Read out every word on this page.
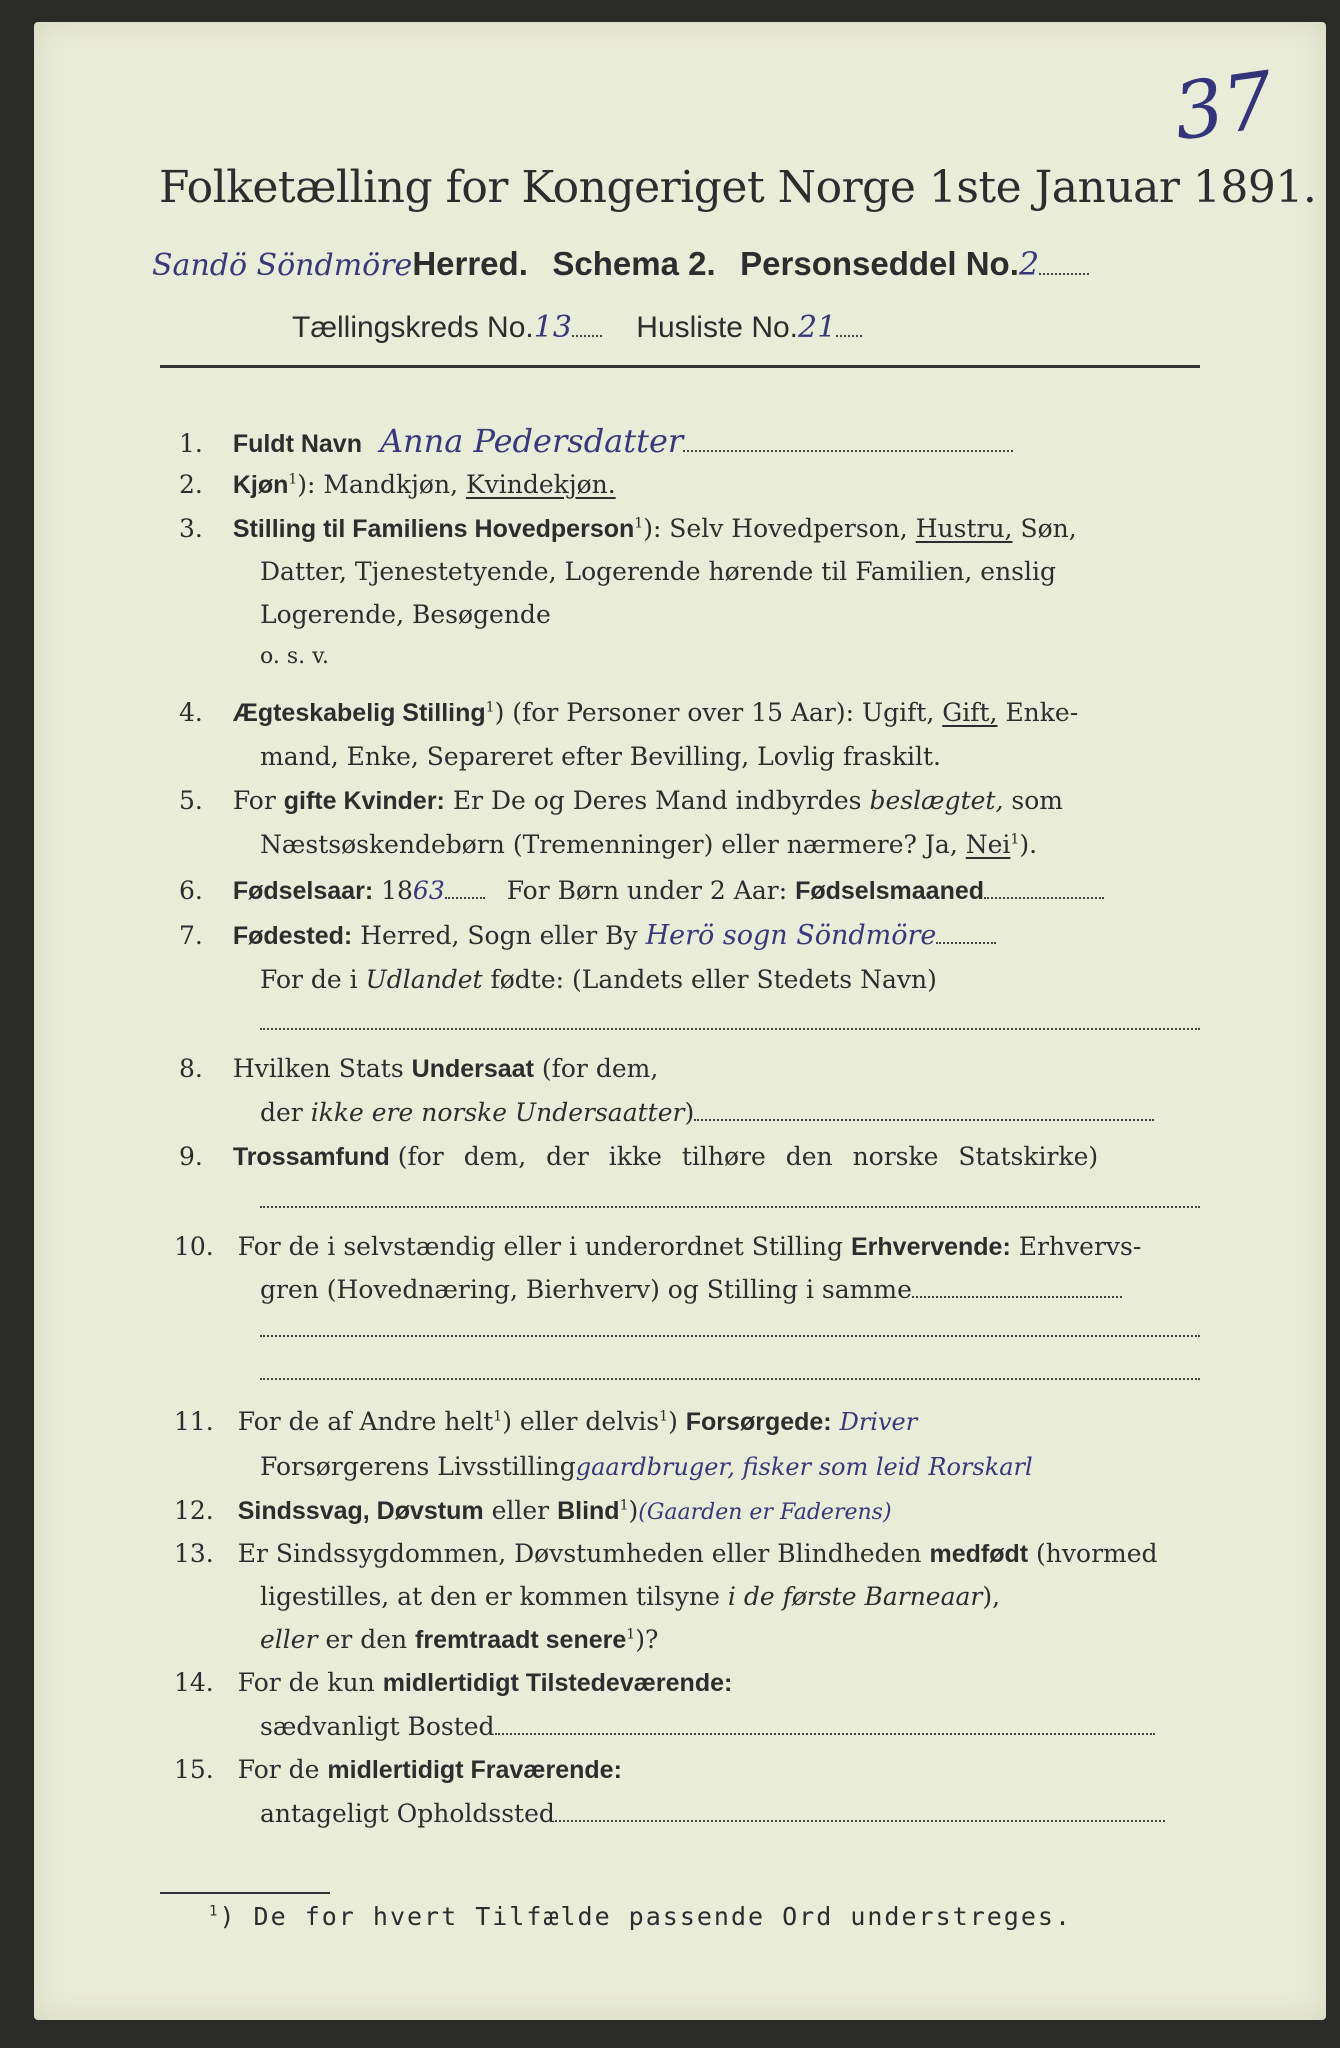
37
Folketælling for Kongeriget Norge 1ste Januar 1891.
Sandö SöndmöreHerred. Schema 2. Personseddel No.2
Tællingskreds No.13 Husliste No.21
1. Fuldt Navn Anna Pedersdatter
2. Kjøn$^1$): Mandkjøn, Kvindekjøn.
3. Stilling til Familiens Hovedperson$^1$): Selv Hovedperson, Hustru, Søn,
Datter, Tjenestetyende, Logerende hørende til Familien, enslig
Logerende, Besøgende
o. s. v.
4. Ægteskabelig Stilling$^1$) (for Personer over 15 Aar): Ugift, Gift, Enke-
mand, Enke, Separeret efter Bevilling, Lovlig fraskilt.
5. For gifte Kvinder: Er De og Deres Mand indbyrdes beslægtet, som
Næstsøskendebørn (Tremenninger) eller nærmere? Ja, Nei$^1$).
6. Fødselsaar: 1863 For Børn under 2 Aar: Fødselsmaaned
7. Fødested: Herred, Sogn eller By Herö sogn Söndmöre
For de i Udlandet fødte: (Landets eller Stedets Navn)
8. Hvilken Stats Undersaat (for dem,
der ikke ere norske Undersaatter)
9. Trossamfund (for dem, der ikke tilhøre den norske Statskirke)
10. For de i selvstændig eller i underordnet Stilling Erhvervende: Erhvervs-
gren (Hovednæring, Bierhverv) og Stilling i samme
11. For de af Andre helt$^1$) eller delvis$^1$) Forsørgede: Driver
Forsørgerens Livsstillinggaardbruger, fisker som leid Rorskarl
12. Sindssvag, Døvstum eller Blind$^1$)(Gaarden er Faderens)
13. Er Sindssygdommen, Døvstumheden eller Blindheden medfødt (hvormed
ligestilles, at den er kommen tilsyne i de første Barneaar),
eller er den fremtraadt senere$^1$)?
14. For de kun midlertidigt Tilstedeværende:
sædvanligt Bosted
15. For de midlertidigt Fraværende:
antageligt Opholdssted
$^1$) De for hvert Tilfælde passende Ord understreges.
